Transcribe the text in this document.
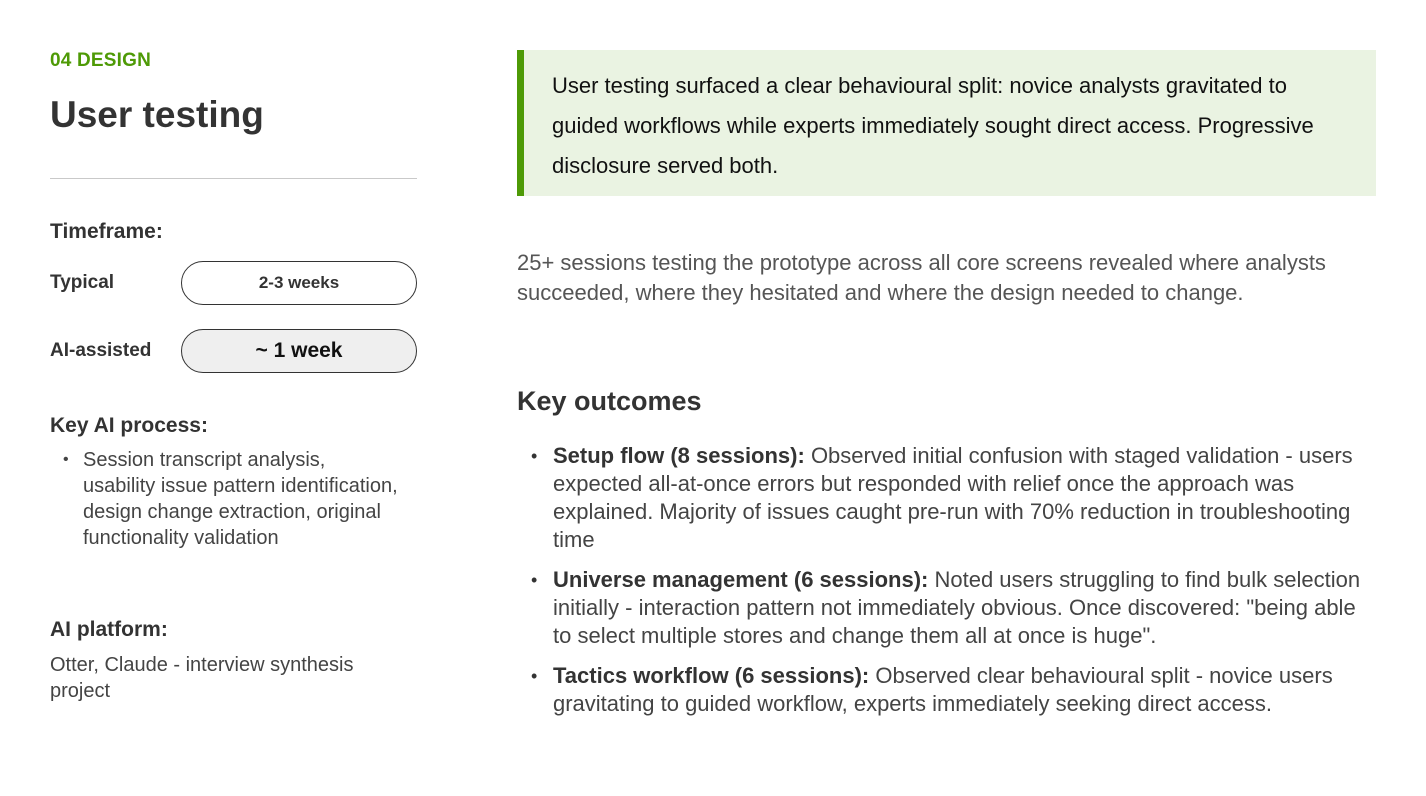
04 DESIGN
User testing
Timeframe:
Typical	2-3 weeks
AI-assisted	~ 1 week
Key AI process:
• Session transcript analysis, usability issue pattern identification, design change extraction, original functionality validation
AI platform:
Otter, Claude - interview synthesis project
User testing surfaced a clear behavioural split: novice analysts gravitated to guided workflows while experts immediately sought direct access. Progressive disclosure served both.

25+ sessions testing the prototype across all core screens revealed where analysts succeeded, where they hesitated and where the design needed to change.

Key outcomes
• Setup flow (8 sessions): Observed initial confusion with staged validation - users expected all-at-once errors but responded with relief once the approach was explained. Majority of issues caught pre-run with 70% reduction in troubleshooting time
• Universe management (6 sessions): Noted users struggling to find bulk selection initially - interaction pattern not immediately obvious. Once discovered: "being able to select multiple stores and change them all at once is huge".
• Tactics workflow (6 sessions): Observed clear behavioural split - novice users gravitating to guided workflow, experts immediately seeking direct access.
